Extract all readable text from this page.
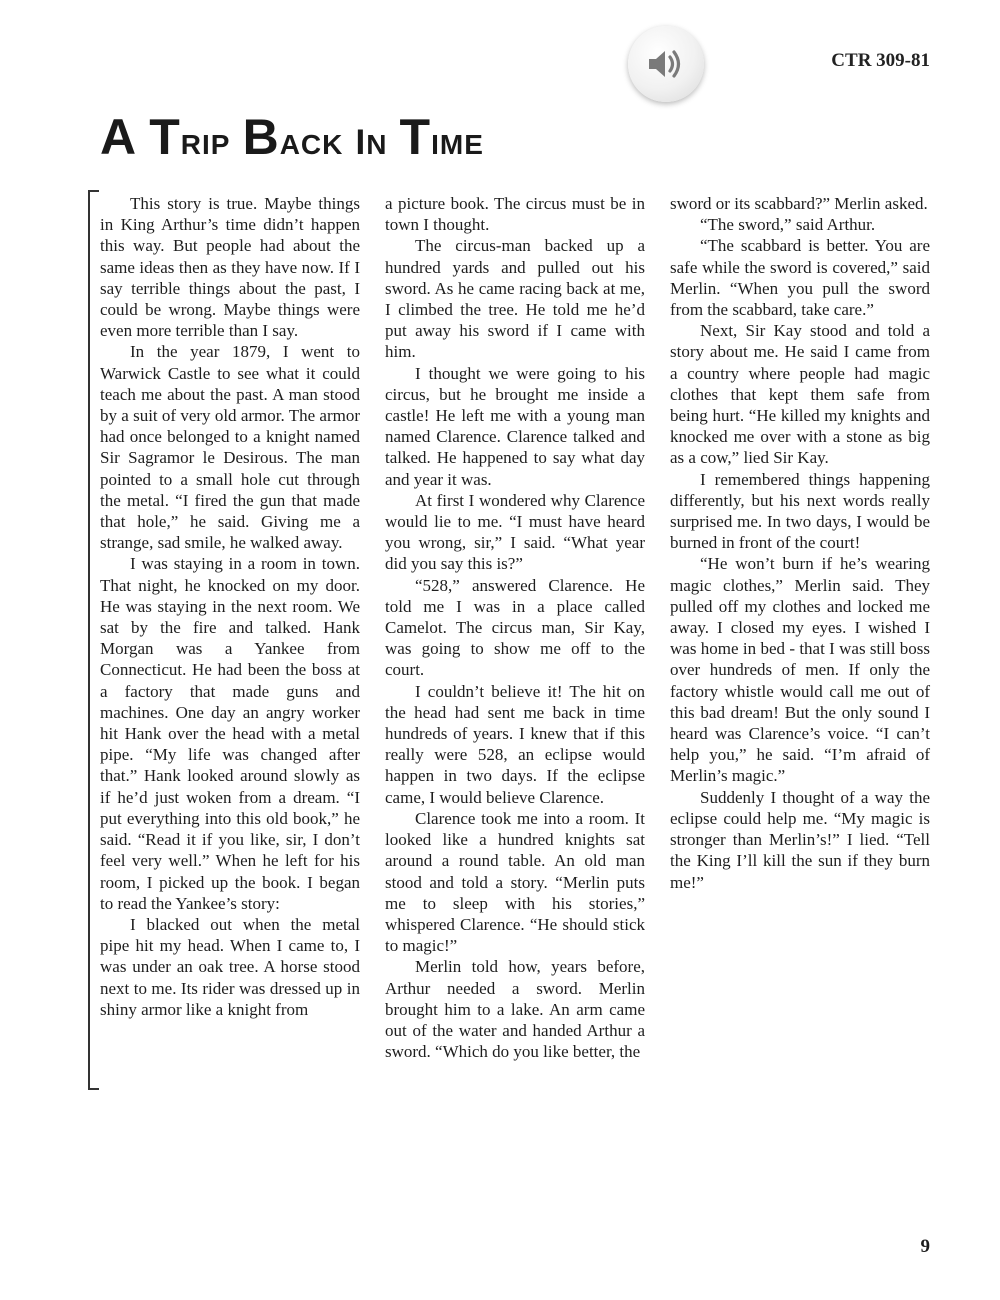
CTR 309-81
A Trip Back in Time

This story is true. Maybe things in King Arthur’s time didn’t happen this way. But people had about the same ideas then as they have now. If I say terrible things about the past, I could be wrong. Maybe things were even more terrible than I say.

In the year 1879, I went to Warwick Castle to see what it could teach me about the past. A man stood by a suit of very old armor. The armor had once belonged to a knight named Sir Sagramor le Desirous. The man pointed to a small hole cut through the metal. “I fired the gun that made that hole,” he said. Giving me a strange, sad smile, he walked away.

I was staying in a room in town. That night, he knocked on my door. He was staying in the next room. We sat by the fire and talked. Hank Morgan was a Yankee from Connecticut. He had been the boss at a factory that made guns and machines. One day an angry worker hit Hank over the head with a metal pipe. “My life was changed after that.” Hank looked around slowly as if he’d just woken from a dream. “I put everything into this old book,” he said. “Read it if you like, sir, I don’t feel very well.” When he left for his room, I picked up the book. I began to read the Yankee’s story:

I blacked out when the metal pipe hit my head. When I came to, I was under an oak tree. A horse stood next to me. Its rider was dressed up in shiny armor like a knight from

a picture book. The circus must be in town I thought.

The circus-man backed up a hundred yards and pulled out his sword. As he came racing back at me, I climbed the tree. He told me he’d put away his sword if I came with him.

I thought we were going to his circus, but he brought me inside a castle! He left me with a young man named Clarence. Clarence talked and talked. He happened to say what day and year it was.

At first I wondered why Clarence would lie to me. “I must have heard you wrong, sir,” I said. “What year did you say this is?”

“528,” answered Clarence. He told me I was in a place called Camelot. The circus man, Sir Kay, was going to show me off to the court.

I couldn’t believe it! The hit on the head had sent me back in time hundreds of years. I knew that if this really were 528, an eclipse would happen in two days. If the eclipse came, I would believe Clarence.

Clarence took me into a room. It looked like a hundred knights sat around a round table. An old man stood and told a story. “Merlin puts me to sleep with his stories,” whispered Clarence. “He should stick to magic!”

Merlin told how, years before, Arthur needed a sword. Merlin brought him to a lake. An arm came out of the water and handed Arthur a sword. “Which do you like better, the

sword or its scabbard?” Merlin asked.

“The sword,” said Arthur.

“The scabbard is better. You are safe while the sword is covered,” said Merlin. “When you pull the sword from the scabbard, take care.”

Next, Sir Kay stood and told a story about me. He said I came from a country where people had magic clothes that kept them safe from being hurt. “He killed my knights and knocked me over with a stone as big as a cow,” lied Sir Kay.

I remembered things happening differently, but his next words really surprised me. In two days, I would be burned in front of the court!

“He won’t burn if he’s wearing magic clothes,” Merlin said. They pulled off my clothes and locked me away. I closed my eyes. I wished I was home in bed - that I was still boss over hundreds of men. If only the factory whistle would call me out of this bad dream! But the only sound I heard was Clarence’s voice. “I can’t help you,” he said. “I’m afraid of Merlin’s magic.”

Suddenly I thought of a way the eclipse could help me. “My magic is stronger than Merlin’s!” I lied. “Tell the King I’ll kill the sun if they burn me!”

9
